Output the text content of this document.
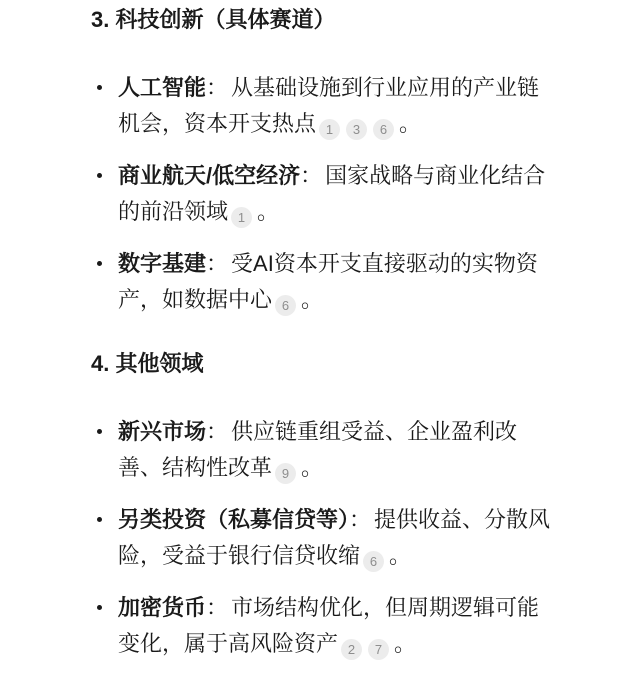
3. 科技创新（具体赛道）
人工智能： 从基础设施到行业应用的产业链机会，资本开支热点 1 3 6 。
商业航天/低空经济： 国家战略与商业化结合的前沿领域 1 。
数字基建： 受AI资本开支直接驱动的实物资产，如数据中心 6 。
4. 其他领域
新兴市场： 供应链重组受益、企业盈利改善、结构性改革 9 。
另类投资（私募信贷等）： 提供收益、分散风险，受益于银行信贷收缩 6 。
加密货币： 市场结构优化，但周期逻辑可能变化，属于高风险资产 2 7 。
